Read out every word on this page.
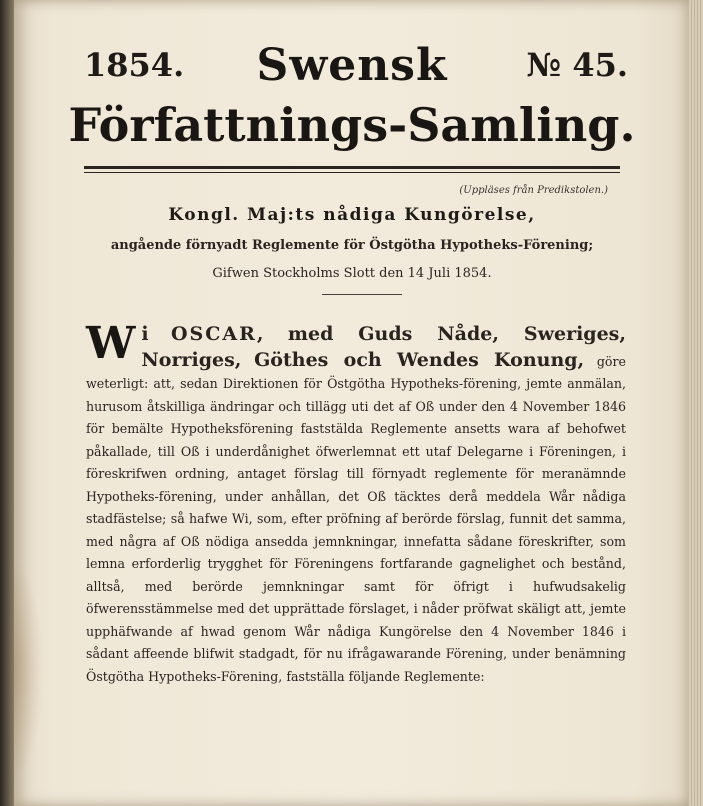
1854.	№ 45.
Swensk
Författnings-Samling.
(Uppläses från Predikstolen.)
Kongl. Maj:ts nådiga Kungörelse,
angående förnyadt Reglemente för Östgötha Hypotheks-Förening;
Gifwen Stockholms Slott den 14 Juli 1854.
W i OSCAR, med Guds Nåde, Sweriges, Norriges, Göthes och Wendes Konung, göre weterligt: att, sedan Direktionen för Östgötha Hypotheks-förening, jemte anmälan, hurusom åtskilliga ändringar och tillägg uti det af Oß under den 4 November 1846 för bemälte Hypotheksförening faststälda Reglemente ansetts wara af behofwet påkallade, till Oß i underdånighet öfwerlemnat ett utaf Delegarne i Föreningen, i föreskrifwen ordning, antaget förslag till förnyadt reglemente för meranämnde Hypotheks-förening, under anhållan, det Oß täcktes derå meddela Wår nådiga stadfästelse; så hafwe Wi, som, efter pröfning af berörde förslag, funnit det samma, med några af Oß nödiga ansedda jemnkningar, innefatta sådane föreskrifter, som lemna erforderlig trygghet för Föreningens fortfarande gagnelighet och bestånd, alltså, med berörde jemnkningar samt för öfrigt i hufwudsakelig öfwerensstämmelse med det upprättade förslaget, i nåder pröfwat skäligt att, jemte upphäfwande af hwad genom Wår nådiga Kungörelse den 4 November 1846 i sådant affeende blifwit stadgadt, för nu ifrågawarande Förening, under benämning Östgötha Hypotheks-Förening, fastställa följande Reglemente:
